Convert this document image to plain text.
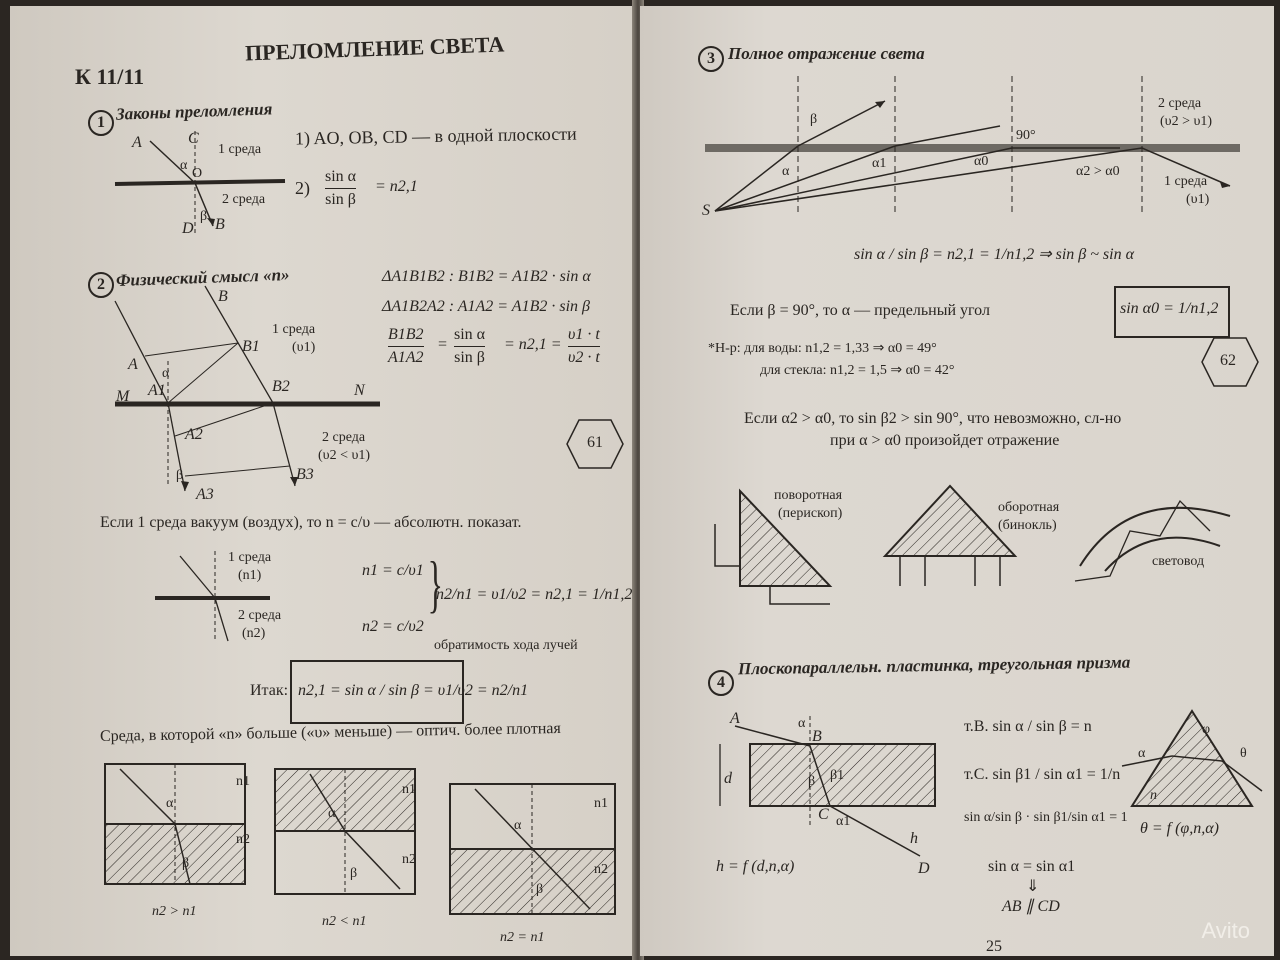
К 11/11
ПРЕЛОМЛЕНИЕ СВЕТА
1 Законы преломления
A	C
O
α
β
D B
1 среда
2 среда
1) AO, OB, CD — в одной плоскости
$2) \frac{\text{sin α}}{\text{sin β}} = n2,1$
2 Физический смысл «n»
B
A
B1
B2
M	N
A1
A2
A3
B3
α
β
1 среда
(υ1)
2 среда
(υ2 < υ1)
ΔA1B1B2 : B1B2 = A1B2 · sin α
ΔA1B2A2 : A1A2 = A1B2 · sin β
$\frac{B1B2}{A1A2} = \frac{\text{sin α}}{\text{sin β}} = n2,1 = \frac{\upsilon 1 \cdot t}{\upsilon 2 \cdot t}$
61
Если 1 среда вакуум (воздух), то n = c/υ — абсолютн. показат.
1 среда
(n1)
2 среда
(n2)
n1 = c/υ1
n2 = c/υ2
}
n2/n1 = υ1/υ2 = n2,1 = 1/n1,2
обратимость хода лучей
Итак: n2,1 = sin α / sin β = υ1/υ2 = n2/n1
Среда, в которой «n» больше («υ» меньше) — оптич. более плотная
n1
n2
α
β
n2 > n1
n1
n2
α
β
n2 < n1
n1
n2
α
β
n2 = n1
3 Полное отражение света
S
β
α
α1	α0
90°
α2 > α0
2 среда
(υ2 > υ1)
1 среда
(υ1)
sin α / sin β = n2,1 = 1/n1,2 ⇒ sin β ~ sin α
Если β = 90°, то α — предельный угол	sin α0 = 1/n1,2
*Н-р: для воды: n1,2 = 1,33 ⇒ α0 = 49°
для стекла: n1,2 = 1,5 ⇒ α0 = 42°
62
Если α2 > α0, то sin β2 > sin 90°, что невозможно, сл-но
при α > α0 произойдет отражение
поворотная
(перископ)	оборотная
(бинокль)
световод
4
Плоскопараллельн. пластинка, треугольная призма
A
B
C
D
d
h
α
β β1
α1
h = f (d,n,α)
т.В. sin α / sin β = n
т.С. sin β1 / sin α1 = 1/n
sin α/sin β · sin β1/sin α1 = 1
sin α = sin α1
⇓
AB ∥ CD
φ
α	θ
n
θ = f (φ,n,α)
25
Avito
